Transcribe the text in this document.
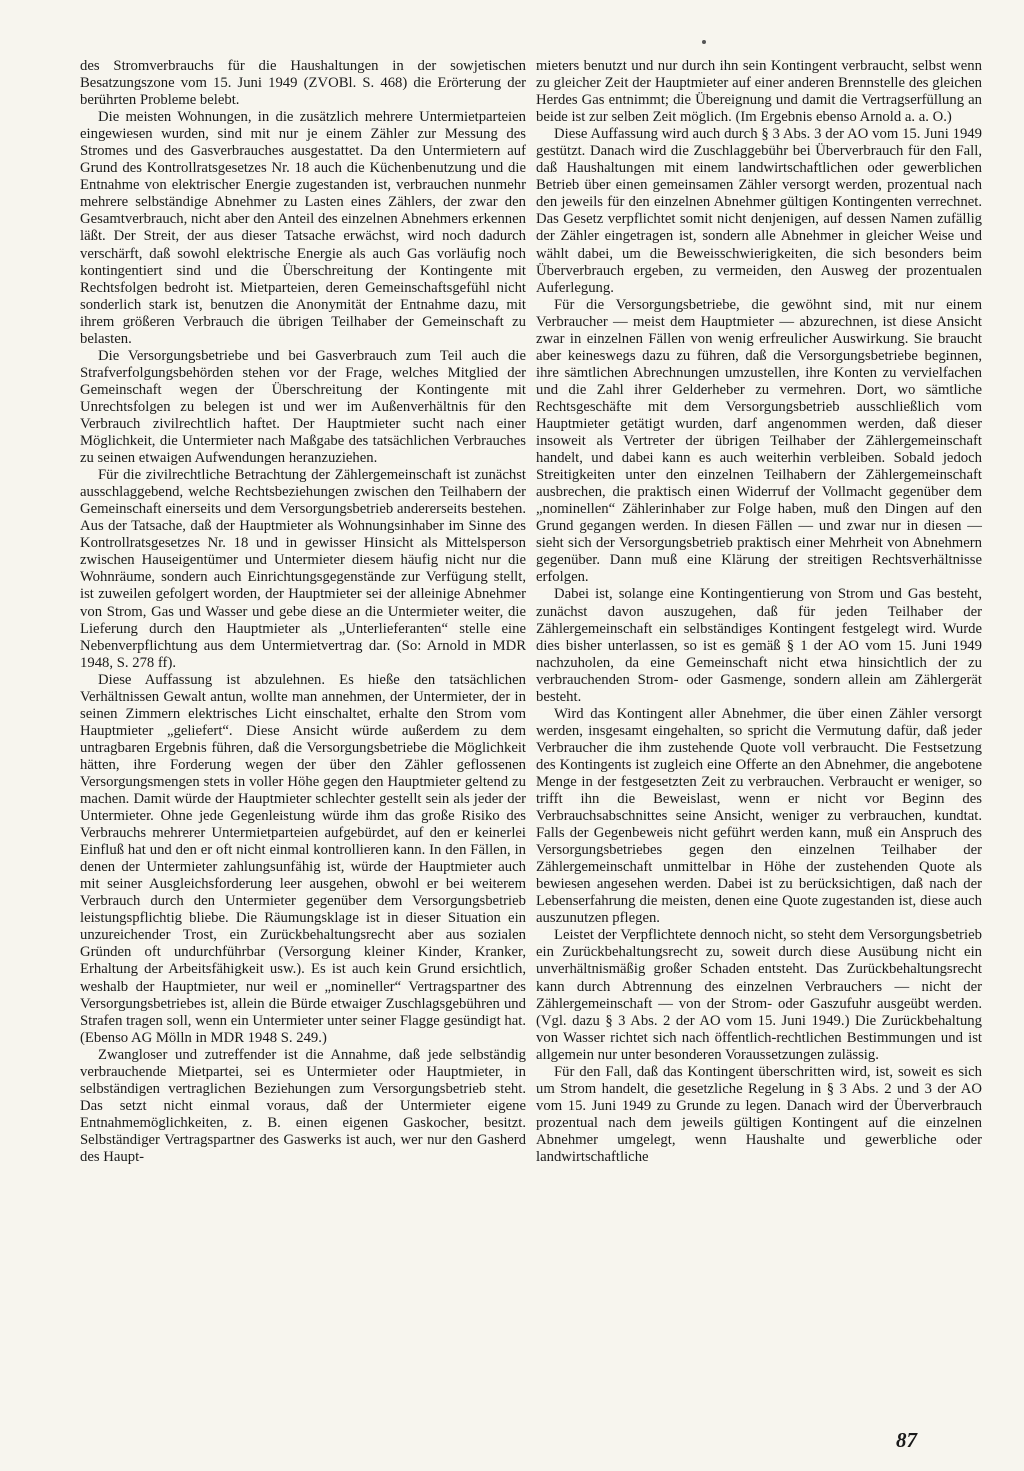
des Stromverbrauchs für die Haushaltungen in der sowjetischen Besatzungszone vom 15. Juni 1949 (ZVOBl. S. 468) die Erörterung der berührten Probleme belebt.

Die meisten Wohnungen, in die zusätzlich mehrere Untermietparteien eingewiesen wurden, sind mit nur je einem Zähler zur Messung des Stromes und des Gasverbrauches ausgestattet. Da den Untermietern auf Grund des Kontrollratsgesetzes Nr. 18 auch die Küchenbenutzung und die Entnahme von elektrischer Energie zugestanden ist, verbrauchen nunmehr mehrere selbständige Abnehmer zu Lasten eines Zählers, der zwar den Gesamtverbrauch, nicht aber den Anteil des einzelnen Abnehmers erkennen läßt. Der Streit, der aus dieser Tatsache erwächst, wird noch dadurch verschärft, daß sowohl elektrische Energie als auch Gas vorläufig noch kontingentiert sind und die Überschreitung der Kontingente mit Rechtsfolgen bedroht ist. Mietparteien, deren Gemeinschaftsgefühl nicht sonderlich stark ist, benutzen die Anonymität der Entnahme dazu, mit ihrem größeren Verbrauch die übrigen Teilhaber der Gemeinschaft zu belasten.

Die Versorgungsbetriebe und bei Gasverbrauch zum Teil auch die Strafverfolgungsbehörden stehen vor der Frage, welches Mitglied der Gemeinschaft wegen der Überschreitung der Kontingente mit Unrechtsfolgen zu belegen ist und wer im Außenverhältnis für den Verbrauch zivilrechtlich haftet. Der Hauptmieter sucht nach einer Möglichkeit, die Untermieter nach Maßgabe des tatsächlichen Verbrauches zu seinen etwaigen Aufwendungen heranzuziehen.

Für die zivilrechtliche Betrachtung der Zählergemeinschaft ist zunächst ausschlaggebend, welche Rechtsbeziehungen zwischen den Teilhabern der Gemeinschaft einerseits und dem Versorgungsbetrieb andererseits bestehen. Aus der Tatsache, daß der Hauptmieter als Wohnungsinhaber im Sinne des Kontrollratsgesetzes Nr. 18 und in gewisser Hinsicht als Mittelsperson zwischen Hauseigentümer und Untermieter diesem häufig nicht nur die Wohnräume, sondern auch Einrichtungsgegenstände zur Verfügung stellt, ist zuweilen gefolgert worden, der Hauptmieter sei der alleinige Abnehmer von Strom, Gas und Wasser und gebe diese an die Untermieter weiter, die Lieferung durch den Hauptmieter als „Unterlieferanten“ stelle eine Nebenverpflichtung aus dem Untermietvertrag dar. (So: Arnold in MDR 1948, S. 278 ff).

Diese Auffassung ist abzulehnen. Es hieße den tatsächlichen Verhältnissen Gewalt antun, wollte man annehmen, der Untermieter, der in seinen Zimmern elektrisches Licht einschaltet, erhalte den Strom vom Hauptmieter „geliefert“. Diese Ansicht würde außerdem zu dem untragbaren Ergebnis führen, daß die Versorgungsbetriebe die Möglichkeit hätten, ihre Forderung wegen der über den Zähler geflossenen Versorgungsmengen stets in voller Höhe gegen den Hauptmieter geltend zu machen. Damit würde der Hauptmieter schlechter gestellt sein als jeder der Untermieter. Ohne jede Gegenleistung würde ihm das große Risiko des Verbrauchs mehrerer Untermietparteien aufgebürdet, auf den er keinerlei Einfluß hat und den er oft nicht einmal kontrollieren kann. In den Fällen, in denen der Untermieter zahlungsunfähig ist, würde der Hauptmieter auch mit seiner Ausgleichsforderung leer ausgehen, obwohl er bei weiterem Verbrauch durch den Untermieter gegenüber dem Versorgungsbetrieb leistungspflichtig bliebe. Die Räumungsklage ist in dieser Situation ein unzureichender Trost, ein Zurückbehaltungsrecht aber aus sozialen Gründen oft undurchführbar (Versorgung kleiner Kinder, Kranker, Erhaltung der Arbeitsfähigkeit usw.). Es ist auch kein Grund ersichtlich, weshalb der Hauptmieter, nur weil er „nomineller“ Vertragspartner des Versorgungsbetriebes ist, allein die Bürde etwaiger Zuschlagsgebühren und Strafen tragen soll, wenn ein Untermieter unter seiner Flagge gesündigt hat. (Ebenso AG Mölln in MDR 1948 S. 249.)

Zwangloser und zutreffender ist die Annahme, daß jede selbständig verbrauchende Mietpartei, sei es Untermieter oder Hauptmieter, in selbständigen vertraglichen Beziehungen zum Versorgungsbetrieb steht. Das setzt nicht einmal voraus, daß der Untermieter eigene Entnahmemöglichkeiten, z. B. einen eigenen Gaskocher, besitzt. Selbständiger Vertragspartner des Gaswerks ist auch, wer nur den Gasherd des Haupt-

mieters benutzt und nur durch ihn sein Kontingent verbraucht, selbst wenn zu gleicher Zeit der Hauptmieter auf einer anderen Brennstelle des gleichen Herdes Gas entnimmt; die Übereignung und damit die Vertragserfüllung an beide ist zur selben Zeit möglich. (Im Ergebnis ebenso Arnold a. a. O.)

Diese Auffassung wird auch durch § 3 Abs. 3 der AO vom 15. Juni 1949 gestützt. Danach wird die Zuschlaggebühr bei Überverbrauch für den Fall, daß Haushaltungen mit einem landwirtschaftlichen oder gewerblichen Betrieb über einen gemeinsamen Zähler versorgt werden, prozentual nach den jeweils für den einzelnen Abnehmer gültigen Kontingenten verrechnet. Das Gesetz verpflichtet somit nicht denjenigen, auf dessen Namen zufällig der Zähler eingetragen ist, sondern alle Abnehmer in gleicher Weise und wählt dabei, um die Beweisschwierigkeiten, die sich besonders beim Überverbrauch ergeben, zu vermeiden, den Ausweg der prozentualen Auferlegung.

Für die Versorgungsbetriebe, die gewöhnt sind, mit nur einem Verbraucher — meist dem Hauptmieter — abzurechnen, ist diese Ansicht zwar in einzelnen Fällen von wenig erfreulicher Auswirkung. Sie braucht aber keineswegs dazu zu führen, daß die Versorgungsbetriebe beginnen, ihre sämtlichen Abrechnungen umzustellen, ihre Konten zu vervielfachen und die Zahl ihrer Gelderheber zu vermehren. Dort, wo sämtliche Rechtsgeschäfte mit dem Versorgungsbetrieb ausschließlich vom Hauptmieter getätigt wurden, darf angenommen werden, daß dieser insoweit als Vertreter der übrigen Teilhaber der Zählergemeinschaft handelt, und dabei kann es auch weiterhin verbleiben. Sobald jedoch Streitigkeiten unter den einzelnen Teilhabern der Zählergemeinschaft ausbrechen, die praktisch einen Widerruf der Vollmacht gegenüber dem „nominellen“ Zählerinhaber zur Folge haben, muß den Dingen auf den Grund gegangen werden. In diesen Fällen — und zwar nur in diesen — sieht sich der Versorgungsbetrieb praktisch einer Mehrheit von Abnehmern gegenüber. Dann muß eine Klärung der streitigen Rechtsverhältnisse erfolgen.

Dabei ist, solange eine Kontingentierung von Strom und Gas besteht, zunächst davon auszugehen, daß für jeden Teilhaber der Zählergemeinschaft ein selbständiges Kontingent festgelegt wird. Wurde dies bisher unterlassen, so ist es gemäß § 1 der AO vom 15. Juni 1949 nachzuholen, da eine Gemeinschaft nicht etwa hinsichtlich der zu verbrauchenden Strom- oder Gasmenge, sondern allein am Zählergerät besteht.

Wird das Kontingent aller Abnehmer, die über einen Zähler versorgt werden, insgesamt eingehalten, so spricht die Vermutung dafür, daß jeder Verbraucher die ihm zustehende Quote voll verbraucht. Die Festsetzung des Kontingents ist zugleich eine Offerte an den Abnehmer, die angebotene Menge in der festgesetzten Zeit zu verbrauchen. Verbraucht er weniger, so trifft ihn die Beweislast, wenn er nicht vor Beginn des Verbrauchsabschnittes seine Ansicht, weniger zu verbrauchen, kundtat. Falls der Gegenbeweis nicht geführt werden kann, muß ein Anspruch des Versorgungsbetriebes gegen den einzelnen Teilhaber der Zählergemeinschaft unmittelbar in Höhe der zustehenden Quote als bewiesen angesehen werden. Dabei ist zu berücksichtigen, daß nach der Lebenserfahrung die meisten, denen eine Quote zugestanden ist, diese auch auszunutzen pflegen.

Leistet der Verpflichtete dennoch nicht, so steht dem Versorgungsbetrieb ein Zurückbehaltungsrecht zu, soweit durch diese Ausübung nicht ein unverhältnismäßig großer Schaden entsteht. Das Zurückbehaltungsrecht kann durch Abtrennung des einzelnen Verbrauchers — nicht der Zählergemeinschaft — von der Strom- oder Gaszufuhr ausgeübt werden. (Vgl. dazu § 3 Abs. 2 der AO vom 15. Juni 1949.) Die Zurückbehaltung von Wasser richtet sich nach öffentlich-rechtlichen Bestimmungen und ist allgemein nur unter besonderen Voraussetzungen zulässig.

Für den Fall, daß das Kontingent überschritten wird, ist, soweit es sich um Strom handelt, die gesetzliche Regelung in § 3 Abs. 2 und 3 der AO vom 15. Juni 1949 zu Grunde zu legen. Danach wird der Überverbrauch prozentual nach dem jeweils gültigen Kontingent auf die einzelnen Abnehmer umgelegt, wenn Haushalte und gewerbliche oder landwirtschaftliche

87
